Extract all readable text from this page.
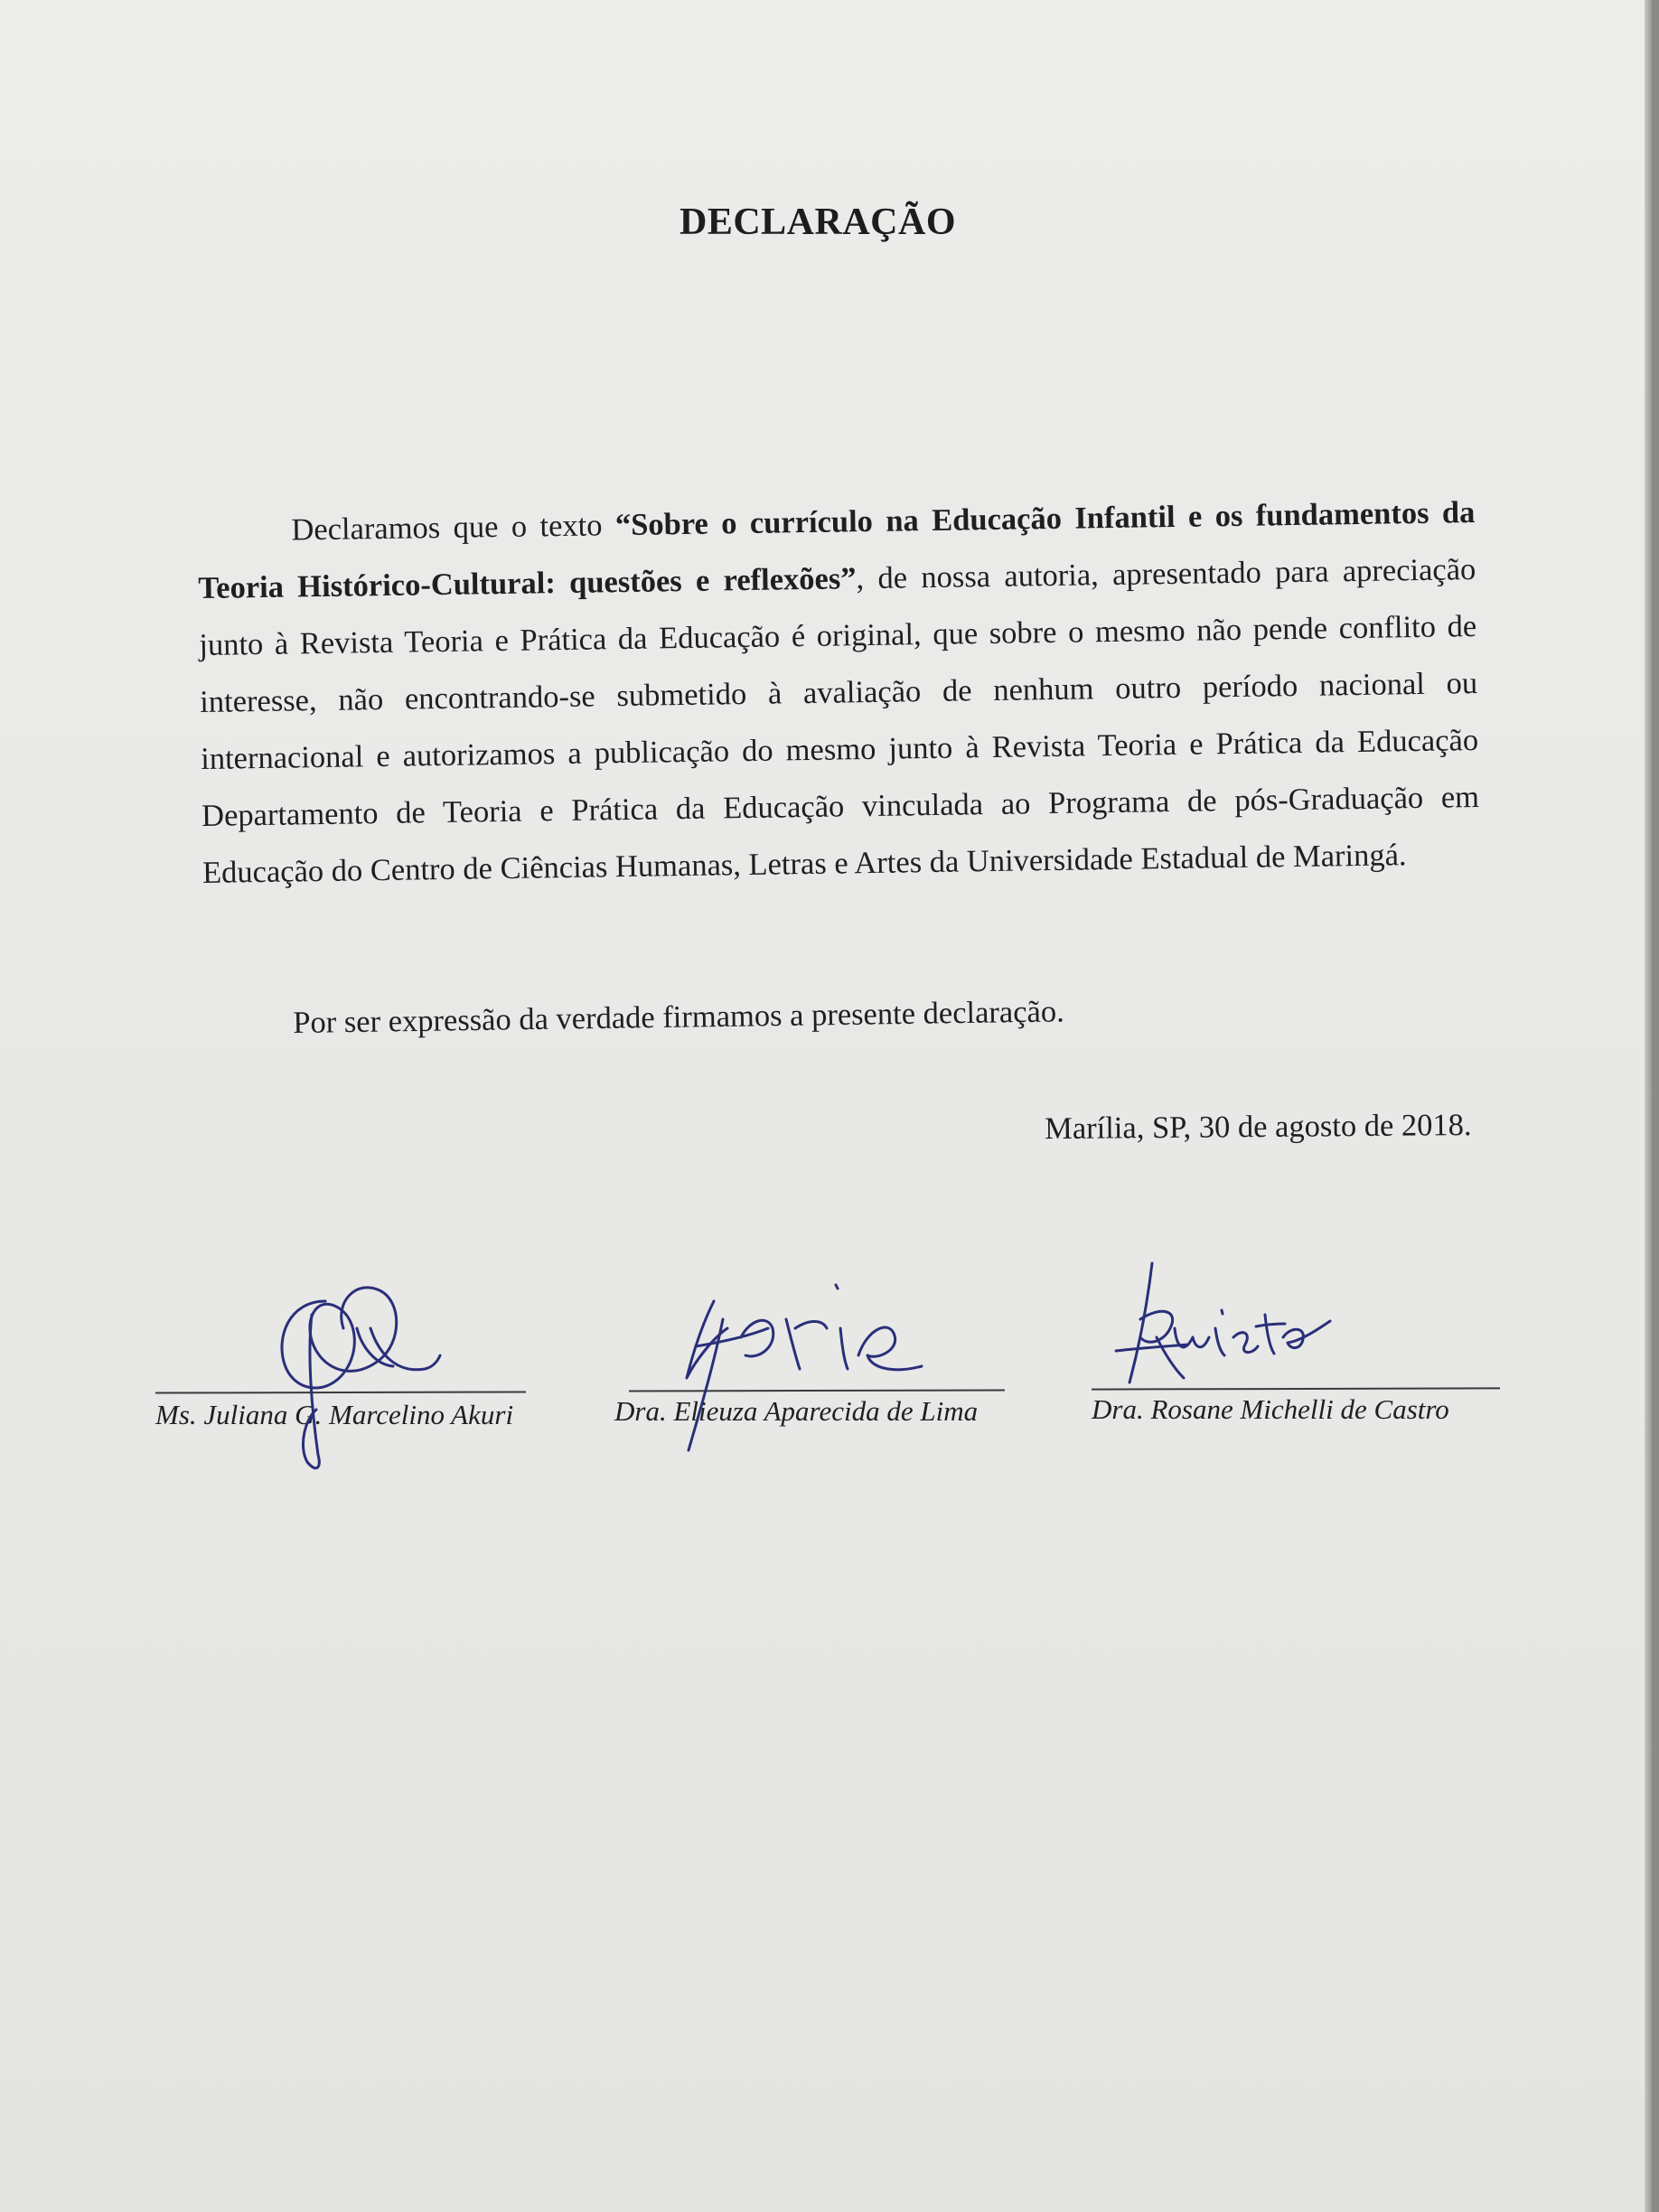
DECLARAÇÃO
Declaramos que o texto “Sobre o currículo na Educação Infantil e os fundamentos da Teoria Histórico-Cultural: questões e reflexões”, de nossa autoria, apresentado para apreciação junto à Revista Teoria e Prática da Educação é original, que sobre o mesmo não pende conflito de interesse, não encontrando-se submetido à avaliação de nenhum outro período nacional ou internacional e autorizamos a publicação do mesmo junto à Revista Teoria e Prática da Educação Departamento de Teoria e Prática da Educação vinculada ao Programa de pós-Graduação em Educação do Centro de Ciências Humanas, Letras e Artes da Universidade Estadual de Maringá.
Por ser expressão da verdade firmamos a presente declaração.
Marília, SP, 30 de agosto de 2018.
Ms. Juliana G. Marcelino Akuri	Dra. Elieuza Aparecida de Lima	Dra. Rosane Michelli de Castro
